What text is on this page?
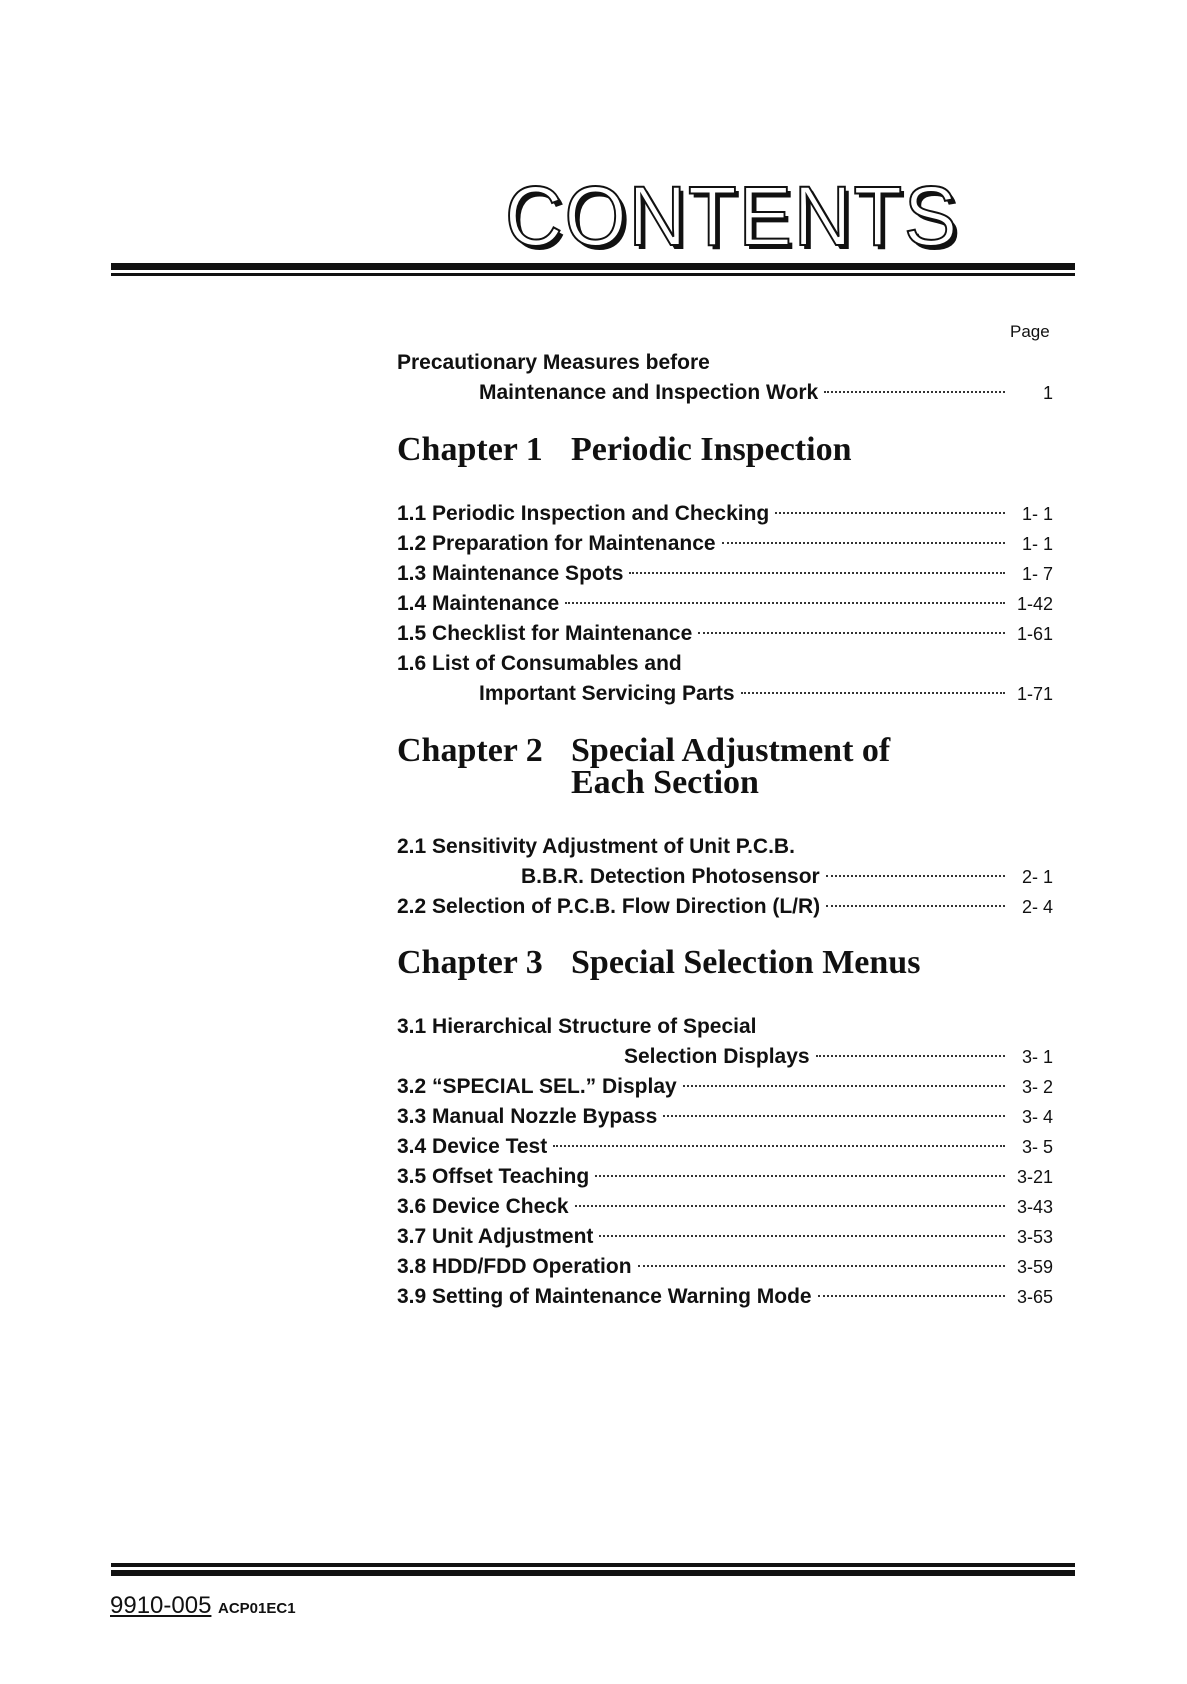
CONTENTS
Page
Precautionary Measures before
Maintenance and Inspection Work	1
Chapter 1 Periodic Inspection
1.1 Periodic Inspection and Checking	1- 1
1.2 Preparation for Maintenance	1- 1
1.3 Maintenance Spots	1- 7
1.4 Maintenance	1-42
1.5 Checklist for Maintenance	1-61
1.6 List of Consumables and
Important Servicing Parts	1-71
Chapter 2 Special Adjustment of
Each Section
2.1 Sensitivity Adjustment of Unit P.C.B.
B.B.R. Detection Photosensor	2- 1
2.2 Selection of P.C.B. Flow Direction (L/R)	2- 4
Chapter 3 Special Selection Menus
3.1 Hierarchical Structure of Special
Selection Displays	3- 1
3.2 “SPECIAL SEL.” Display	3- 2
3.3 Manual Nozzle Bypass	3- 4
3.4 Device Test	3- 5
3.5 Offset Teaching	3-21
3.6 Device Check	3-43
3.7 Unit Adjustment	3-53
3.8 HDD/FDD Operation	3-59
3.9 Setting of Maintenance Warning Mode	3-65
9910-005 ACP01EC1
